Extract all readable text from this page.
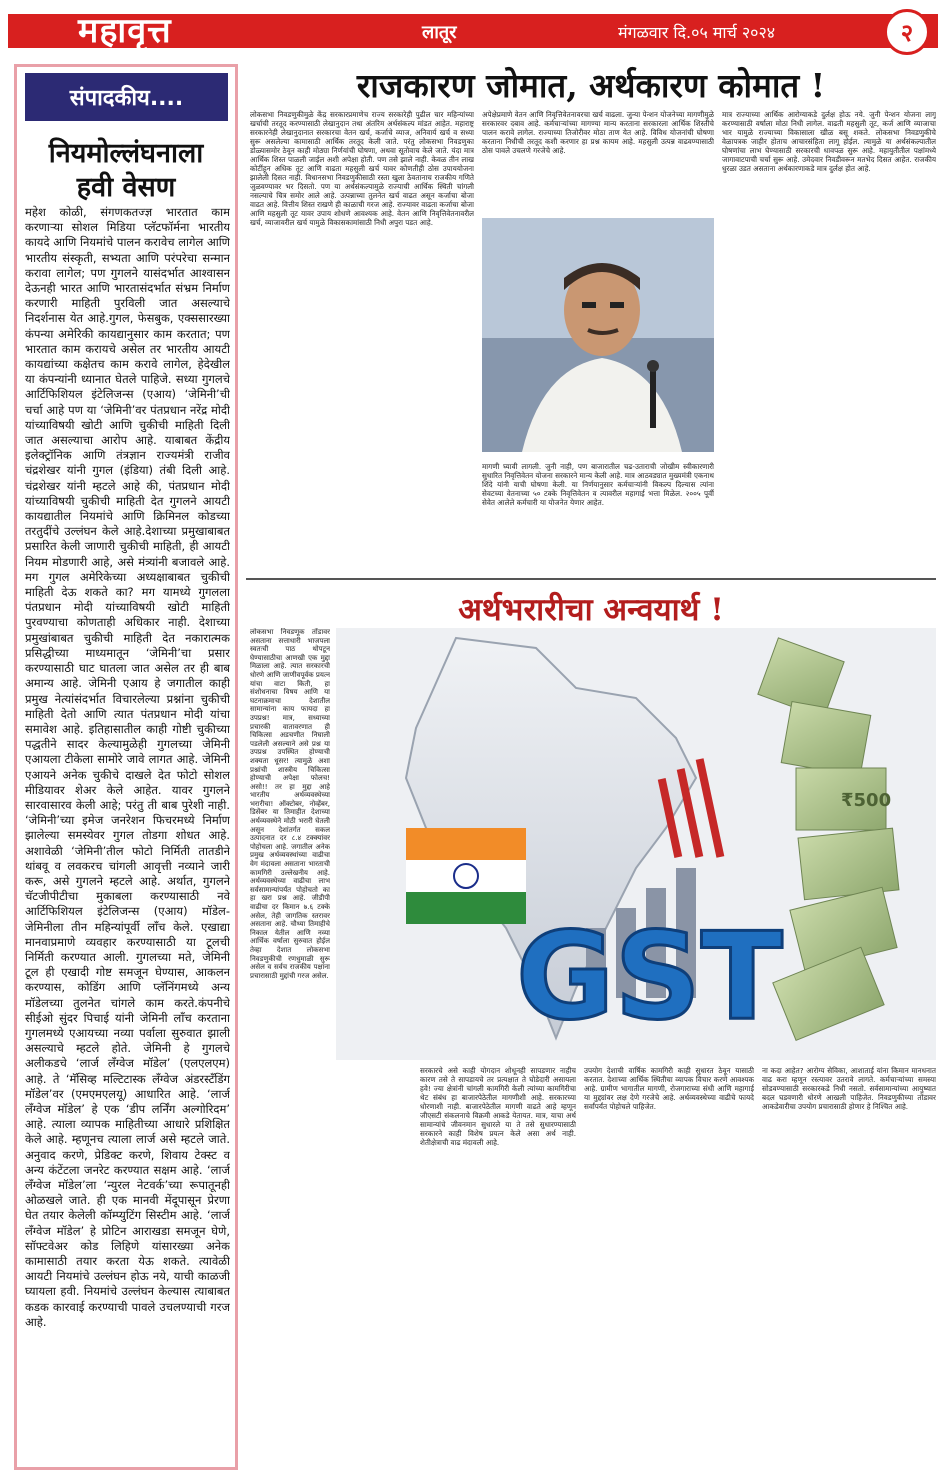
महावृत्त	लातूर	मंगळवार दि.०५ मार्च २०२४	२
संपादकीय....
नियमोल्लंघनाला
हवी वेसण
महेश कोळी, संगणकतज्ज्ञ भारतात काम करणार्‍या सोशल मिडिया प्लॅटफॉर्मना भारतीय कायदे आणि नियमांचे पालन करावेच लागेल आणि भारतीय संस्कृती, सभ्यता आणि परंपरेचा सन्मान करावा लागेल; पण गुगलने यासंदर्भात आश्वासन देऊनही भारत आणि भारतासंदर्भात संभ्रम निर्माण करणारी माहिती पुरविली जात असल्याचे निदर्शनास येत आहे.गुगल, फेसबुक, एक्ससारख्या कंपन्या अमेरिकी कायद्यानुसार काम करतात; पण भारतात काम करायचे असेल तर भारतीय आयटी कायद्यांच्या कक्षेतच काम करावे लागेल, हेदेखील या कंपन्यांनी ध्यानात घेतले पाहिजे. सध्या गुगलचे आर्टिफिशियल इंटेलिजन्स (एआय) ‘जेमिनी’ची चर्चा आहे पण या ‘जेमिनी’वर पंतप्रधान नरेंद्र मोदी यांच्याविषयी खोटी आणि चुकीची माहिती दिली जात असल्याचा आरोप आहे. याबाबत केंद्रीय इलेक्ट्रॉनिक आणि तंत्रज्ञान राज्यमंत्री राजीव चंद्रशेखर यांनी गुगल (इंडिया) तंबी दिली आहे. चंद्रशेखर यांनी म्हटले आहे की, पंतप्रधान मोदी यांच्याविषयी चुकीची माहिती देत गुगलने आयटी कायद्यातील नियमांचे आणि क्रिमिनल कोडच्या तरतुदींचे उल्लंघन केले आहे.देशाच्या प्रमुखाबाबत प्रसारित केली जाणारी चुकीची माहिती, ही आयटी नियम मोडणारी आहे, असे मंत्र्यांनी बजावले आहे. मग गुगल अमेरिकेच्या अध्यक्षाबाबत चुकीची माहिती देऊ शकते का? मग यामध्ये गुगलला पंतप्रधान मोदी यांच्याविषयी खोटी माहिती पुरवण्याचा कोणताही अधिकार नाही. देशाच्या प्रमुखांबाबत चुकीची माहिती देत नकारात्मक प्रसिद्धीच्या माध्यमातून ‘जेमिनी’चा प्रसार करण्यासाठी घाट घातला जात असेल तर ही बाब अमान्य आहे. जेमिनी एआय हे जगातील काही प्रमुख नेत्यांसंदर्भात विचारलेल्या प्रश्नांना चुकीची माहिती देतो आणि त्यात पंतप्रधान मोदी यांचा समावेश आहे. इतिहासातील काही गोष्टी चुकीच्या पद्धतीने सादर केल्यामुळेही गुगलच्या जेमिनी एआयला टीकेला सामोरे जावे लागत आहे. जेमिनी एआयने अनेक चुकीचे दाखले देत फोटो सोशल मीडियावर शेअर केले आहेत. यावर गुगलने सारवासारव केली आहे; परंतु ती बाब पुरेशी नाही. ‘जेमिनी’च्या इमेज जनरेशन फिचरमध्ये निर्माण झालेल्या समस्येवर गुगल तोडगा शोधत आहे. अशावेळी ‘जेमिनी’तील फोटो निर्मिती तातडीने थांबवू व लवकरच चांगली आवृत्ती नव्याने जारी करू, असे गुगलने म्हटले आहे. अर्थात, गुगलने चॅटजीपीटीचा मुकाबला करण्यासाठी नवे आर्टिफिशियल इंटेलिजन्स (एआय) मॉडेल-जेमिनीला तीन महिन्यांपूर्वी लॉंच केले. एखाद्या मानवाप्रमाणे व्यवहार करण्यासाठी या टूलची निर्मिती करण्यात आली. गुगलच्या मते, जेमिनी टूल ही एखादी गोष्ट समजून घेण्यास, आकलन करण्यास, कोडिंग आणि प्लॅनिंगमध्ये अन्य मॉडेलच्या तुलनेत चांगले काम करते.कंपनीचे सीईओ सुंदर पिचाई यांनी जेमिनी लॉंच करताना गुगलमध्ये एआयच्या नव्या पर्वाला सुरुवात झाली असल्याचे म्हटले होते. जेमिनी हे गुगलचे अलीकडचे ‘लार्ज लॅंग्वेज मॉडेल’ (एलएलएम) आहे. ते ‘मॅसिव्ह मल्टिटास्क लॅंग्वेज अंडरस्टॅंडिंग मॉडेल’वर (एमएमएलयू) आधारित आहे. ‘लार्ज लॅंग्वेज मॉडेल’ हे एक ‘डीप लर्निंग अल्गोरिदम’ आहे. त्याला व्यापक माहितीच्या आधारे प्रशिक्षित केले आहे. म्हणूनच त्याला लार्ज असे म्हटले जाते. अनुवाद करणे, प्रेडिक्ट करणे, शिवाय टेक्स्ट व अन्य कंटेंटला जनरेट करण्यात सक्षम आहे. ‘लार्ज लॅंग्वेज मॉडेल’ला ‘न्युरल नेटवर्क’च्या रूपातूनही ओळखले जाते. ही एक मानवी मेंदूपासून प्रेरणा घेत तयार केलेली कॉम्प्युटिंग सिस्टीम आहे. ‘लार्ज लॅंग्वेज मॉडेल’ हे प्रोटिन आराखडा समजून घेणे, सॉफ्टवेअर कोड लिहिणे यांसारख्या अनेक कामासाठी तयार करता येऊ शकते. त्यावेळी आयटी नियमांचे उल्लंघन होऊ नये, याची काळजी घ्यायला हवी. नियमांचे उल्लंघन केल्यास त्याबाबत कडक कारवाई करण्याची पावले उचलण्याची गरज आहे.
राजकारण जोमात, अर्थकारण कोमात !
लोकसभा निवडणुकीमुळे केंद्र सरकारप्रमाणेच राज्य सरकारेही पुढील चार महिन्यांच्या खर्चाची तरतूद करण्यासाठी लेखानुदान तथा अंतरिम अर्थसंकल्प मांडत आहेत. महाराष्ट्र सरकारनेही लेखानुदानात सरकारचा वेतन खर्च, कर्जाचे व्याज, अनिवार्य खर्च व सध्या सुरू असलेल्या कामासाठी आर्थिक तरतूद केली जाते. परंतु लोकसभा निवडणुका डोळ्यासमोर ठेवून काही मोठ्या निर्णयांची घोषणा, अथवा सूतोवाच केले जाते. यंदा मात्र आर्थिक शिस्त पाळली जाईल अशी अपेक्षा होती. पण तसे झाले नाही. केवळ तीन लाख कोटींहून अधिक तूट आणि वाढता महसुली खर्च यावर कोणतीही ठोस उपाययोजना झालेली दिसत नाही. विधानसभा निवडणुकीसाठी रस्ता खुला ठेवतानाच राजकीय गणिते जुळवण्यावर भर दिसतो. पण या अर्थसंकल्पामुळे राज्याची आर्थिक स्थिती चांगली नसल्याचे चित्र समोर आले आहे. उत्पन्नाच्या तुलनेत खर्च वाढत असून कर्जाचा बोजा वाढत आहे. वित्तीय शिस्त राखणे ही काळाची गरज आहे. राज्यावर वाढता कर्जाचा बोजा आणि महसुली तूट यावर उपाय शोधणे आवश्यक आहे. वेतन आणि निवृत्तिवेतनावरील खर्च, व्याजावरील खर्च यामुळे विकासकामांसाठी निधी अपुरा पडत आहे.
अपेक्षेप्रमाणे वेतन आणि निवृत्तिवेतनावरचा खर्च वाढला. जुन्या पेन्शन योजनेच्या मागणीमुळे सरकारवर दबाव आहे. कर्मचार्‍यांच्या मागण्या मान्य करताना सरकारला आर्थिक शिस्तीचे पालन करावे लागेल. राज्याच्या तिजोरीवर मोठा ताण येत आहे. विविध योजनांची घोषणा करताना निधीची तरतूद कशी करणार हा प्रश्न कायम आहे. महसुली उत्पन्न वाढवण्यासाठी ठोस पावले उचलणे गरजेचे आहे.
मात्र राज्याच्या आर्थिक आरोग्याकडे दुर्लक्ष होऊ नये. जुनी पेन्शन योजना लागू करण्यासाठी वर्षाला मोठा निधी लागेल. वाढती महसुली तूट, कर्ज आणि व्याजाचा भार यामुळे राज्याच्या विकासाला खीळ बसू शकते. लोकसभा निवडणुकीचे वेळापत्रक जाहीर होताच आचारसंहिता लागू होईल. त्यामुळे या अर्थसंकल्पातील घोषणांचा लाभ घेण्यासाठी सरकारची धावपळ सुरू आहे. महायुतीतील पक्षांमध्ये जागावाटपाची चर्चा सुरू आहे. उमेदवार निवडीवरून मतभेद दिसत आहेत. राजकीय धुरळा उडत असताना अर्थकारणाकडे मात्र दुर्लक्ष होत आहे.
मागणी घ्यावी लागली. जुनी नाही, पण बाजारातील चढ-उताराची जोखीम स्वीकारणारी सुधारित निवृत्तिवेतन योजना सरकारने मान्य केली आहे. मात्र आठवड्यात मुख्यमंत्री एकनाथ शिंदे यांनी याची घोषणा केली. या निर्णयानुसार कर्मचार्‍यांनी विकल्प दिल्यास त्यांना सेवटच्या वेतनाच्या ५० टक्के निवृत्तिवेतन व त्यावरील महागाई भत्ता मिळेल. २००५ पूर्वी सेवेत आलेले कर्मचारी या योजनेत येणार आहेत.
अर्थभरारीचा अन्वयार्थ !
लोकसभा निवडणूक तोंडावर असताना सत्ताधारी भाजपला स्वतःची पाठ थोपटून घेण्यासाठीचा आणखी एक मुद्दा मिळाला आहे. त्यात सरकारची धोरणे आणि जाणीवपूर्वक प्रयत्न यांचा वाटा किती, हा संशोधनाचा विषय आणि या घटनाक्रमाचा देशातील सामान्यांना काय फायदा हा उपप्रश्न! मात्र, सध्याच्या प्रचारकी वातावरणात ही चिकित्सा अडचणीत निघाली पडलेली असल्याने असे प्रश्न या उपप्रश्न उपस्थित होण्याची शक्यता धूसर! त्यामुळे अशा प्रश्नांची शास्त्रीय चिकित्सा होण्याची अपेक्षा फोलच! असो!! तर हा मुद्दा आहे भारतीय अर्थव्यवस्थेच्या भरारीचा! ऑक्टोबर, नोव्हेंबर, डिसेंबर या तिमाहीत देशाच्या अर्थव्यवस्थेने मोठी भरारी घेतली असून देशांतर्गत सकल उत्पादनात दर ८.४ टक्क्यांवर पोहोचला आहे. जगातील अनेक प्रमुख अर्थव्यवस्थांच्या वाढीचा वेग मंदावला असताना भारताची कामगिरी उल्लेखनीय आहे. अर्थव्यवस्थेच्या वाढीचा लाभ सर्वसामान्यांपर्यंत पोहोचतो का हा खरा प्रश्न आहे. जीडीपी वाढीचा दर किमान ७.६ टक्के असेल, तेही जागतिक स्तरावर असताना आहे. चौथ्या तिमाहीचे निकाल येतील आणि नव्या आर्थिक वर्षाला सुरुवात होईल तेव्हा देशात लोकसभा निवडणुकीची रणधुमाळी सुरू असेल व सर्वच राजकीय पक्षांना प्रचारासाठी मुद्दांची गरज असेल.
₹500
GST
सरकारचे असे काही योगदान शोधूनही सापडणार नाहीच कारण तसे ते सापडायचे तर प्रत्यक्षात ते घोडेदारी असायला हवे! ज्या क्षेत्रांनी चांगली कामगिरी केली त्यांच्या कामगिरीचा थेट संबंध हा बाजारपेठेतील मागणीशी आहे. सरकारच्या धोरणाशी नाही. बाजारपेठेतील मागणी वाढते आहे म्हणून जीएसटी संकलनाचे विक्रमी आकडे येतायत. मात्र, याचा अर्थ सामान्यांचे जीवनमान सुधारले या ते तसे सुधारण्यासाठी सरकारने काही विशेष प्रयत्न केले असा अर्थ नाही. शेतीक्षेत्राची वाढ मंदावली आहे.
उपयोग देशाची वार्षिक कामगिरी काही सुधारत ठेवून यासाठी करतात. देशाच्या आर्थिक स्थितीचा व्यापक विचार करणे आवश्यक आहे. ग्रामीण भागातील मागणी, रोजगाराच्या संधी आणि महागाई या मुद्द्यांवर लक्ष देणे गरजेचे आहे. अर्थव्यवस्थेच्या वाढीचे फायदे सर्वांपर्यंत पोहोचले पाहिजेत.
ना कदा आहेत? आरोग्य सेविका, आशाताई यांना किमान मानधनात वाढ करा म्हणून रस्त्यावर उतरावे लागते. कर्मचार्‍यांच्या समस्या सोडवण्यासाठी सरकारकडे निधी नसतो. सर्वसामान्यांच्या आयुष्यात बदल घडवणारी धोरणे आखली पाहिजेत. निवडणुकीच्या तोंडावर आकडेवारीचा उपयोग प्रचारासाठी होणार हे निश्चित आहे.
